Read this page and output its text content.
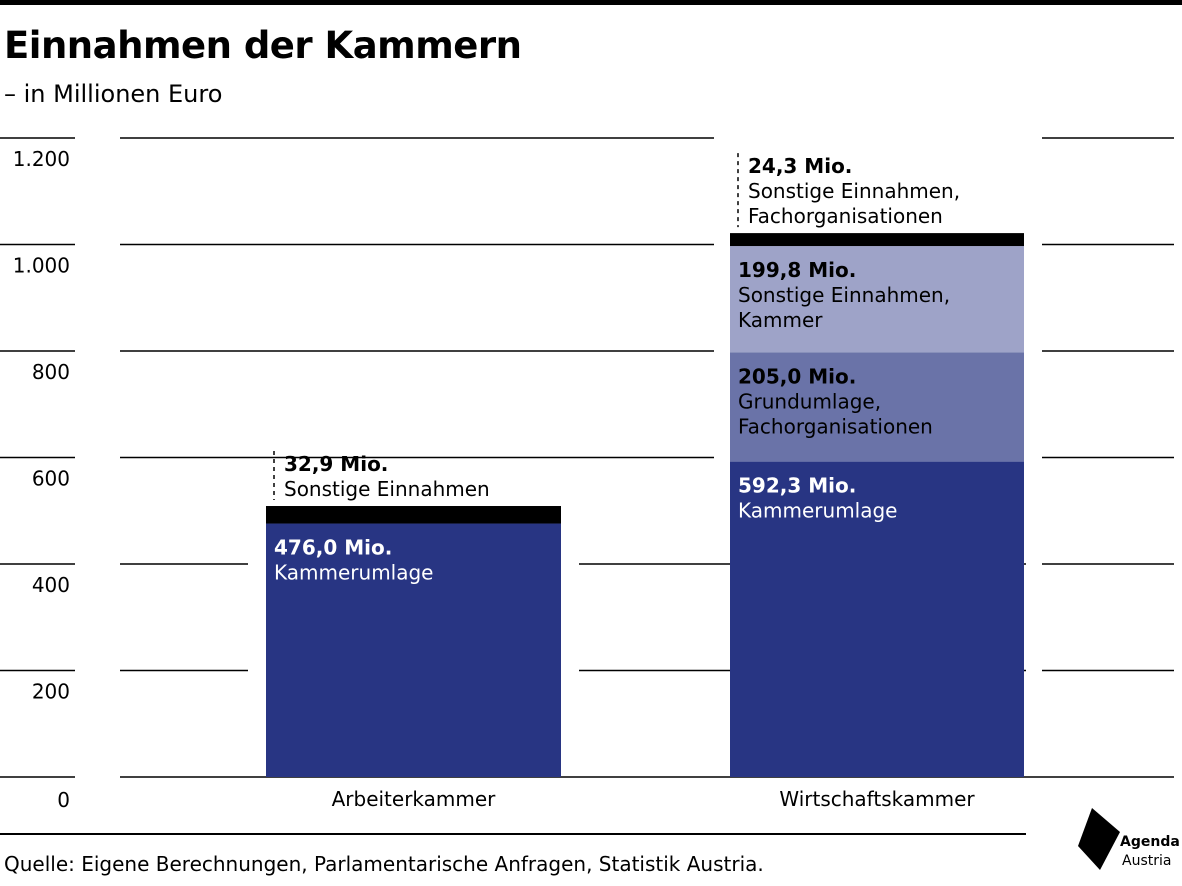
Einnahmen der Kammern
– in Millionen Euro
0
200
400
600
800
1.000
1.200
476,0 Mio.
Kammerumlage
32,9 Mio.
Sonstige Einnahmen
Arbeiterkammer
592,3 Mio.
Kammerumlage
205,0 Mio.
Grundumlage,
Fachorganisationen
199,8 Mio.
Sonstige Einnahmen,
Kammer
24,3 Mio.
Sonstige Einnahmen,
Fachorganisationen
Wirtschaftskammer
Quelle: Eigene Berechnungen, Parlamentarische Anfragen, Statistik Austria.
Agenda
Austria
